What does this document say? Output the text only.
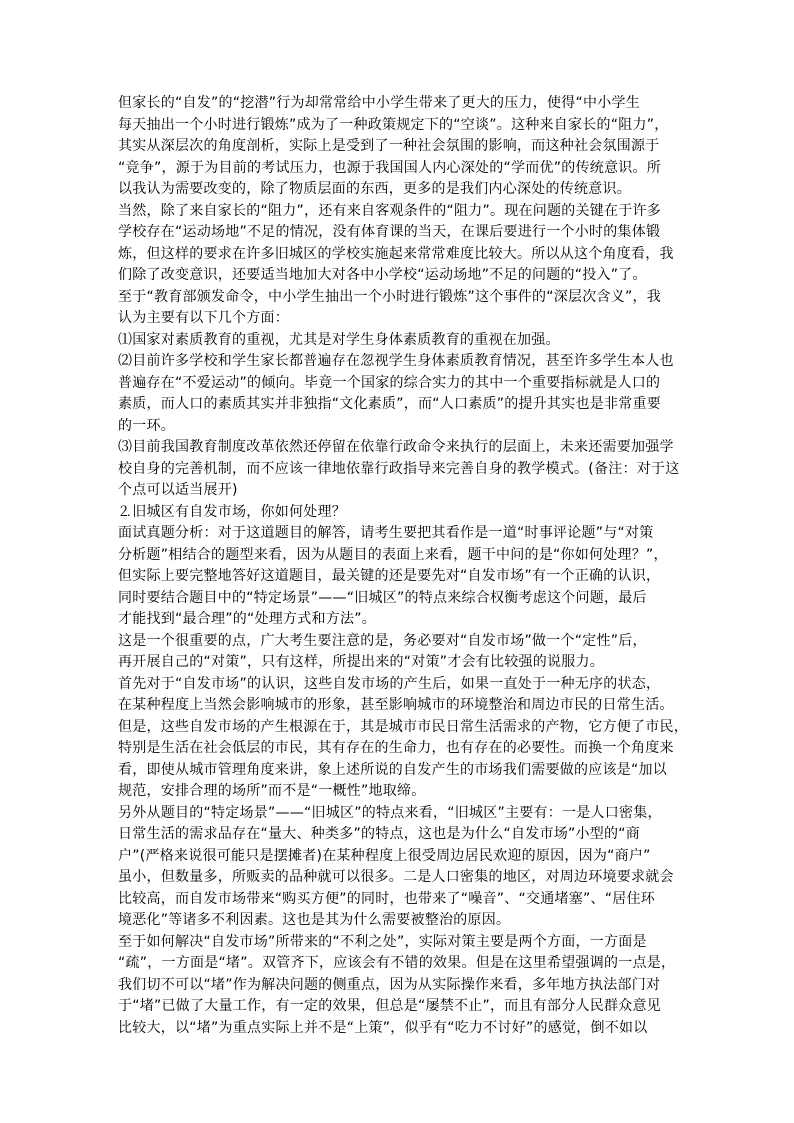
但家长的“自发”的“挖潜”行为却常常给中小学生带来了更大的压力，使得“中小学生
每天抽出一个小时进行锻炼”成为了一种政策规定下的“空谈”。这种来自家长的“阻力”，
其实从深层次的角度剖析，实际上是受到了一种社会氛围的影响，而这种社会氛围源于
“竞争”，源于为目前的考试压力，也源于我国国人内心深处的“学而优”的传统意识。所
以我认为需要改变的，除了物质层面的东西，更多的是我们内心深处的传统意识。
当然，除了来自家长的“阻力”，还有来自客观条件的“阻力”。现在问题的关键在于许多
学校存在“运动场地”不足的情况，没有体育课的当天，在课后要进行一个小时的集体锻
炼，但这样的要求在许多旧城区的学校实施起来常常难度比较大。所以从这个角度看，我
们除了改变意识，还要适当地加大对各中小学校“运动场地”不足的问题的“投入”了。
至于“教育部颁发命令，中小学生抽出一个小时进行锻炼”这个事件的“深层次含义”，我
认为主要有以下几个方面：
⑴国家对素质教育的重视，尤其是对学生身体素质教育的重视在加强。
⑵目前许多学校和学生家长都普遍存在忽视学生身体素质教育情况，甚至许多学生本人也
普遍存在“不爱运动”的倾向。毕竟一个国家的综合实力的其中一个重要指标就是人口的
素质，而人口的素质其实并非独指“文化素质”，而“人口素质”的提升其实也是非常重要
的一环。
⑶目前我国教育制度改革依然还停留在依靠行政命令来执行的层面上，未来还需要加强学
校自身的完善机制，而不应该一律地依靠行政指导来完善自身的教学模式。(备注：对于这
个点可以适当展开)
⒉旧城区有自发市场，你如何处理？
面试真题分析：对于这道题目的解答，请考生要把其看作是一道“时事评论题”与“对策
分析题”相结合的题型来看，因为从题目的表面上来看，题干中问的是“你如何处理？”，
但实际上要完整地答好这道题目，最关键的还是要先对“自发市场”有一个正确的认识，
同时要结合题目中的“特定场景”——“旧城区”的特点来综合权衡考虑这个问题，最后
才能找到“最合理”的“处理方式和方法”。
这是一个很重要的点，广大考生要注意的是，务必要对“自发市场”做一个“定性”后，
再开展自己的“对策”，只有这样，所提出来的“对策”才会有比较强的说服力。
首先对于“自发市场”的认识，这些自发市场的产生后，如果一直处于一种无序的状态，
在某种程度上当然会影响城市的形象，甚至影响城市的环境整治和周边市民的日常生活。
但是，这些自发市场的产生根源在于，其是城市市民日常生活需求的产物，它方便了市民，
特别是生活在社会低层的市民，其有存在的生命力，也有存在的必要性。而换一个角度来
看，即使从城市管理角度来讲，象上述所说的自发产生的市场我们需要做的应该是“加以
规范，安排合理的场所”而不是“一概性”地取缔。
另外从题目的“特定场景”——“旧城区”的特点来看，“旧城区”主要有：一是人口密集，
日常生活的需求品存在“量大、种类多”的特点，这也是为什么“自发市场”小型的“商
户”(严格来说很可能只是摆摊者)在某种程度上很受周边居民欢迎的原因，因为“商户”
虽小，但数量多，所贩卖的品种就可以很多。二是人口密集的地区，对周边环境要求就会
比较高，而自发市场带来“购买方便”的同时，也带来了“噪音”、“交通堵塞”、“居住环
境恶化”等诸多不利因素。这也是其为什么需要被整治的原因。
至于如何解决“自发市场”所带来的“不利之处”，实际对策主要是两个方面，一方面是
“疏”，一方面是“堵”。双管齐下，应该会有不错的效果。但是在这里希望强调的一点是，
我们切不可以“堵”作为解决问题的侧重点，因为从实际操作来看，多年地方执法部门对
于“堵”已做了大量工作，有一定的效果，但总是“屡禁不止”，而且有部分人民群众意见
比较大，以“堵”为重点实际上并不是“上策”，似乎有“吃力不讨好”的感觉，倒不如以
